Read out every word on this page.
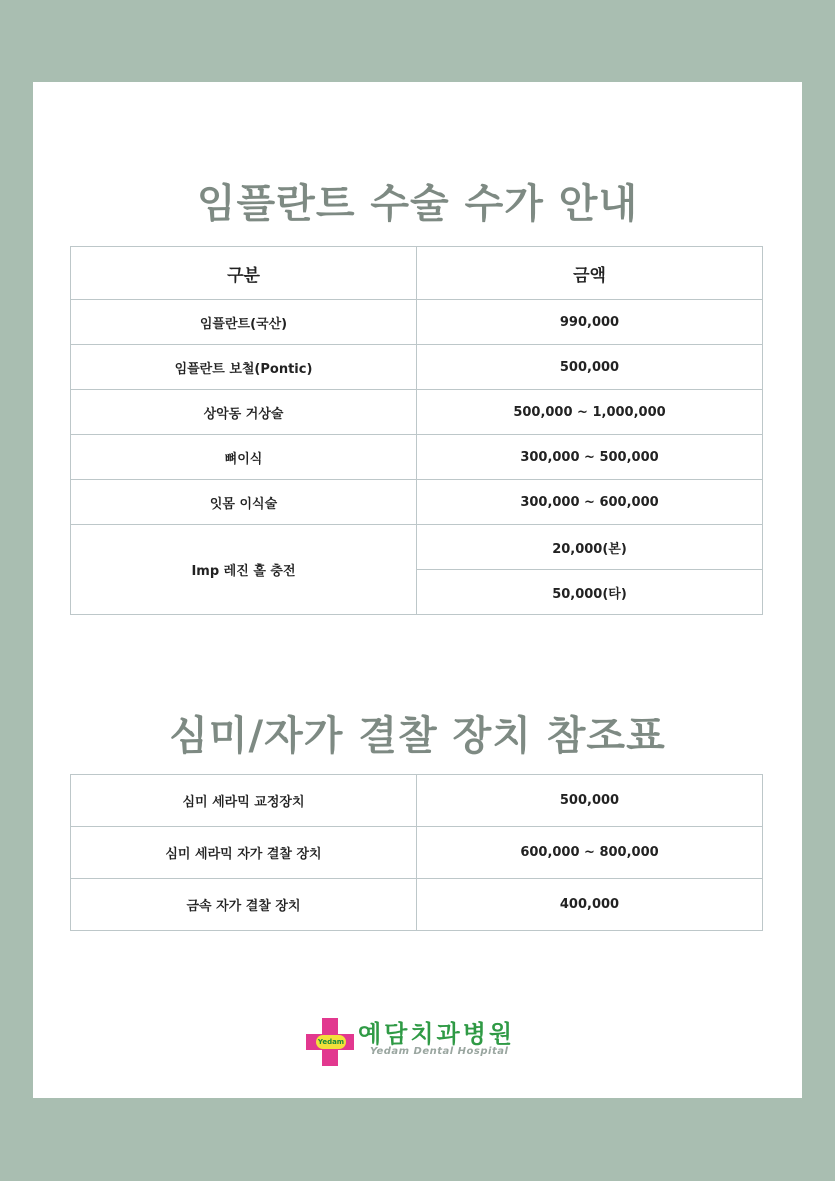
임플란트 수술 수가 안내
구분	금액
임플란트(국산)	990,000
임플란트 보철(Pontic)	500,000
상악동 거상술	500,000 ~ 1,000,000
뼈이식	300,000 ~ 500,000
잇몸 이식술	300,000 ~ 600,000
Imp 레진 홀 충전	20,000(본)
	50,000(타)
심미/자가 결찰 장치 참조표
심미 세라믹 교정장치	500,000
심미 세라믹 자가 결찰 장치	600,000 ~ 800,000
금속 자가 결찰 장치	400,000
Yedam 예담치과병원
Yedam Dental Hospital
